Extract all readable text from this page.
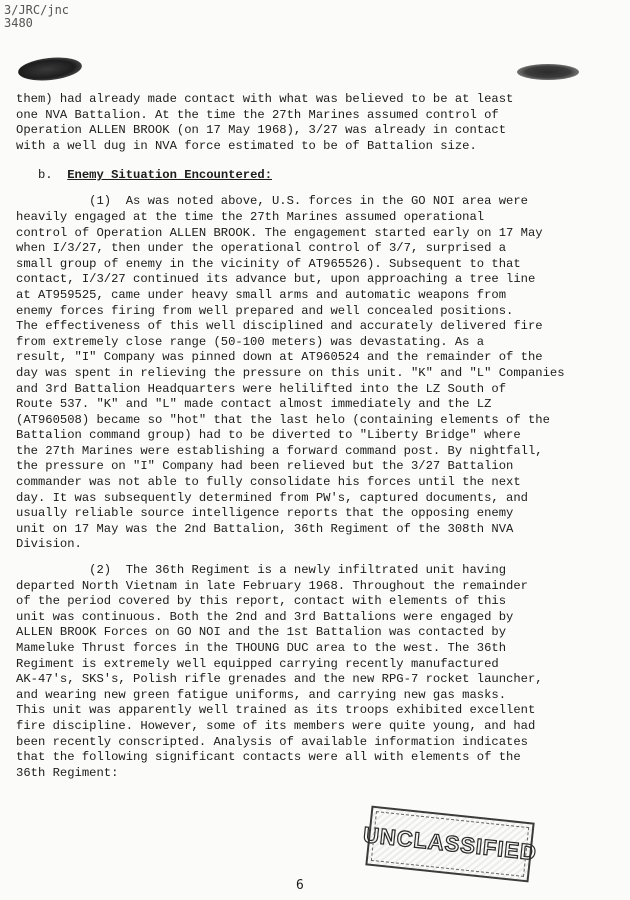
3/JRC/jnc
3480
them) had already made contact with what was believed to be at least
one NVA Battalion. At the time the 27th Marines assumed control of
Operation ALLEN BROOK (on 17 May 1968), 3/27 was already in contact
with a well dug in NVA force estimated to be of Battalion size.
b. Enemy Situation Encountered:
(1)  As was noted above, U.S. forces in the GO NOI area were
heavily engaged at the time the 27th Marines assumed operational
control of Operation ALLEN BROOK. The engagement started early on 17 May
when I/3/27, then under the operational control of 3/7, surprised a
small group of enemy in the vicinity of AT965526). Subsequent to that
contact, I/3/27 continued its advance but, upon approaching a tree line
at AT959525, came under heavy small arms and automatic weapons from
enemy forces firing from well prepared and well concealed positions.
The effectiveness of this well disciplined and accurately delivered fire
from extremely close range (50-100 meters) was devastating. As a
result, "I" Company was pinned down at AT960524 and the remainder of the
day was spent in relieving the pressure on this unit. "K" and "L" Companies
and 3rd Battalion Headquarters were helilifted into the LZ South of
Route 537. "K" and "L" made contact almost immediately and the LZ
(AT960508) became so "hot" that the last helo (containing elements of the
Battalion command group) had to be diverted to "Liberty Bridge" where
the 27th Marines were establishing a forward command post. By nightfall,
the pressure on "I" Company had been relieved but the 3/27 Battalion
commander was not able to fully consolidate his forces until the next
day. It was subsequently determined from PW's, captured documents, and
usually reliable source intelligence reports that the opposing enemy
unit on 17 May was the 2nd Battalion, 36th Regiment of the 308th NVA
Division.
(2)  The 36th Regiment is a newly infiltrated unit having
departed North Vietnam in late February 1968. Throughout the remainder
of the period covered by this report, contact with elements of this
unit was continuous. Both the 2nd and 3rd Battalions were engaged by
ALLEN BROOK Forces on GO NOI and the 1st Battalion was contacted by
Mameluke Thrust forces in the THOUNG DUC area to the west. The 36th
Regiment is extremely well equipped carrying recently manufactured
AK-47's, SKS's, Polish rifle grenades and the new RPG-7 rocket launcher,
and wearing new green fatigue uniforms, and carrying new gas masks.
This unit was apparently well trained as its troops exhibited excellent
fire discipline. However, some of its members were quite young, and had
been recently conscripted. Analysis of available information indicates
that the following significant contacts were all with elements of the
36th Regiment:
UNCLASSIFIED
6
